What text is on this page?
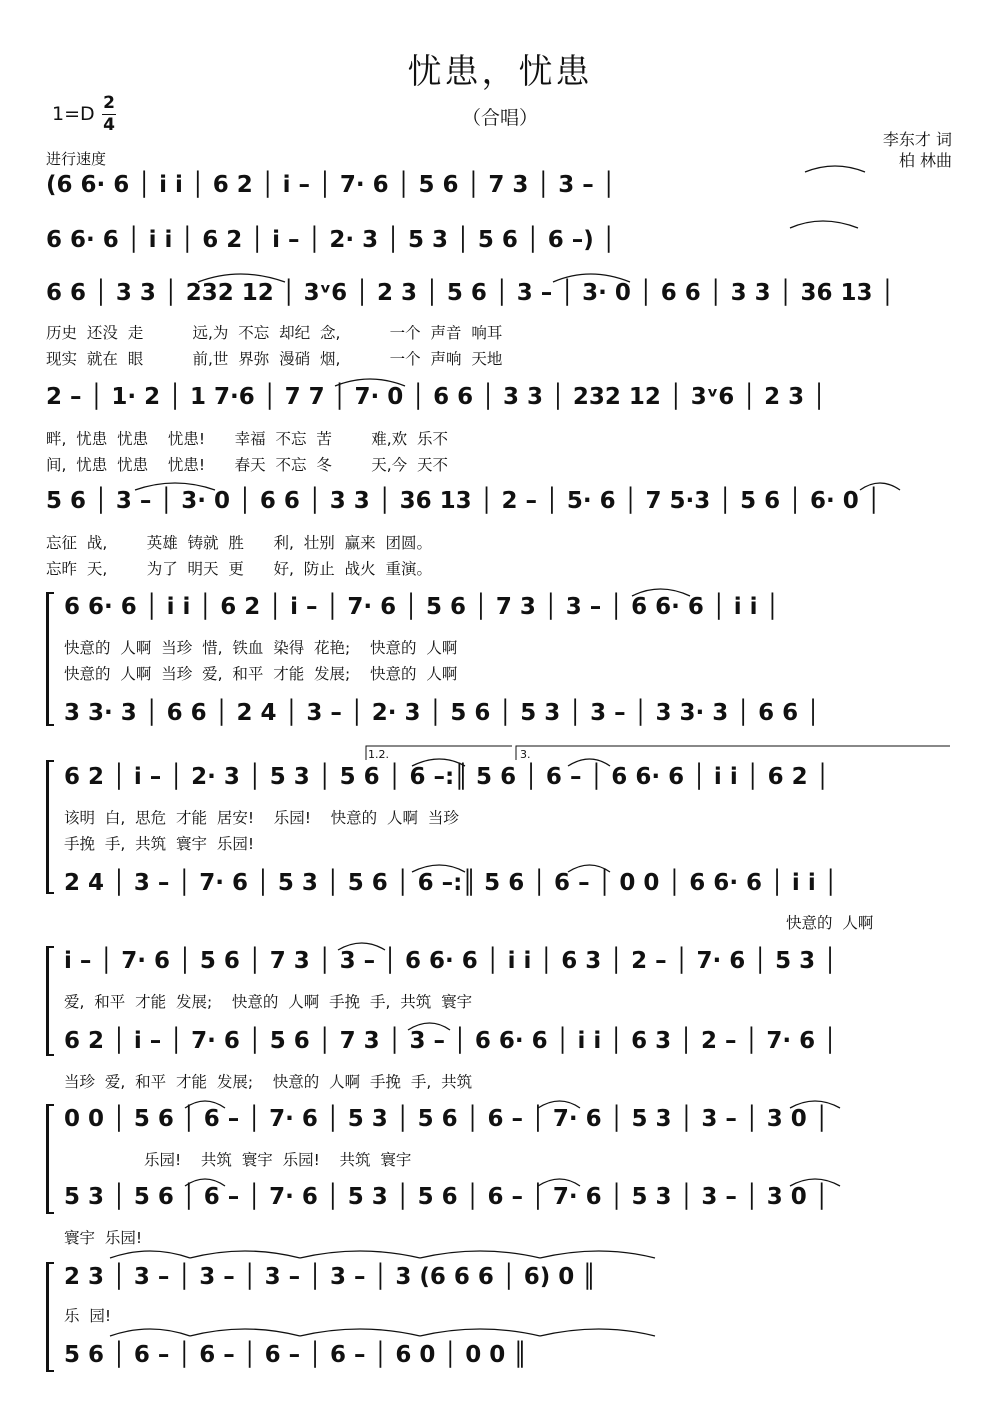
忧患，忧患
（合唱）
1=D 2
4
李东才 词
柏 林曲
进行速度
(6 6· 6 │ i i │ 6 2 │ i – │ 7· 6 │ 5 6 │ 7 3 │ 3 – │
6 6· 6 │ i i │ 6 2 │ i – │ 2· 3 │ 5 3 │ 5 6 │ 6 –) │
6 6 │ 3 3 │ 232 12 │ 3ᵛ6 │ 2 3 │ 5 6 │ 3 – │ 3· 0 │ 6 6 │ 3 3 │ 36 13 │
历史  还没  走          远,为  不忘  却纪  念,          一个  声音  响耳
现实  就在  眼          前,世  界弥  漫硝  烟,          一个  声响  天地
2 – │ 1· 2 │ 1 7·6 │ 7 7 │ 7· 0 │ 6 6 │ 3 3 │ 232 12 │ 3ᵛ6 │ 2 3 │
畔,  忧患  忧患    忧患!      幸福  不忘  苦        难,欢  乐不
间,  忧患  忧患    忧患!      春天  不忘  冬        天,今  天不
5 6 │ 3 – │ 3· 0 │ 6 6 │ 3 3 │ 36 13 │ 2 – │ 5· 6 │ 7 5·3 │ 5 6 │ 6· 0 │
忘征  战,        英雄  铸就  胜      利,  壮别  赢来  团圆。
忘昨  天,        为了  明天  更      好,  防止  战火  重演。
6 6· 6 │ i i │ 6 2 │ i – │ 7· 6 │ 5 6 │ 7 3 │ 3 – │ 6 6· 6 │ i i │
快意的  人啊  当珍  惜,  铁血  染得  花艳;    快意的  人啊
快意的  人啊  当珍  爱,  和平  才能  发展;    快意的  人啊
3 3· 3 │ 6 6 │ 2 4 │ 3 – │ 2· 3 │ 5 6 │ 5 3 │ 3 – │ 3 3· 3 │ 6 6 │
1.2.	3.
6 2 │ i – │ 2· 3 │ 5 3 │ 5 6 │ 6 –:║ 5 6 │ 6 – │ 6 6· 6 │ i i │ 6 2 │
该明  白,  思危  才能  居安!    乐园!    快意的  人啊  当珍
手挽  手,  共筑  寰宇  乐园!
2 4 │ 3 – │ 7· 6 │ 5 3 │ 5 6 │ 6 –:║ 5 6 │ 6 – │ 0 0 │ 6 6· 6 │ i i │
快意的  人啊
i – │ 7· 6 │ 5 6 │ 7 3 │ 3 – │ 6 6· 6 │ i i │ 6 3 │ 2 – │ 7· 6 │ 5 3 │
爱,  和平  才能  发展;    快意的  人啊  手挽  手,  共筑  寰宇
6 2 │ i – │ 7· 6 │ 5 6 │ 7 3 │ 3 – │ 6 6· 6 │ i i │ 6 3 │ 2 – │ 7· 6 │
当珍  爱,  和平  才能  发展;    快意的  人啊  手挽  手,  共筑
0 0 │ 5 6 │ 6 – │ 7· 6 │ 5 3 │ 5 6 │ 6 – │ 7· 6 │ 5 3 │ 3 – │ 3 0 │
乐园!    共筑  寰宇  乐园!    共筑  寰宇
5 3 │ 5 6 │ 6 – │ 7· 6 │ 5 3 │ 5 6 │ 6 – │ 7· 6 │ 5 3 │ 3 – │ 3 0 │
寰宇  乐园!
2 3 │ 3 – │ 3 – │ 3 – │ 3 – │ 3 (6 6 6 │ 6) 0 ║
乐  园!
5 6 │ 6 – │ 6 – │ 6 – │ 6 – │ 6 0 │ 0 0 ║
